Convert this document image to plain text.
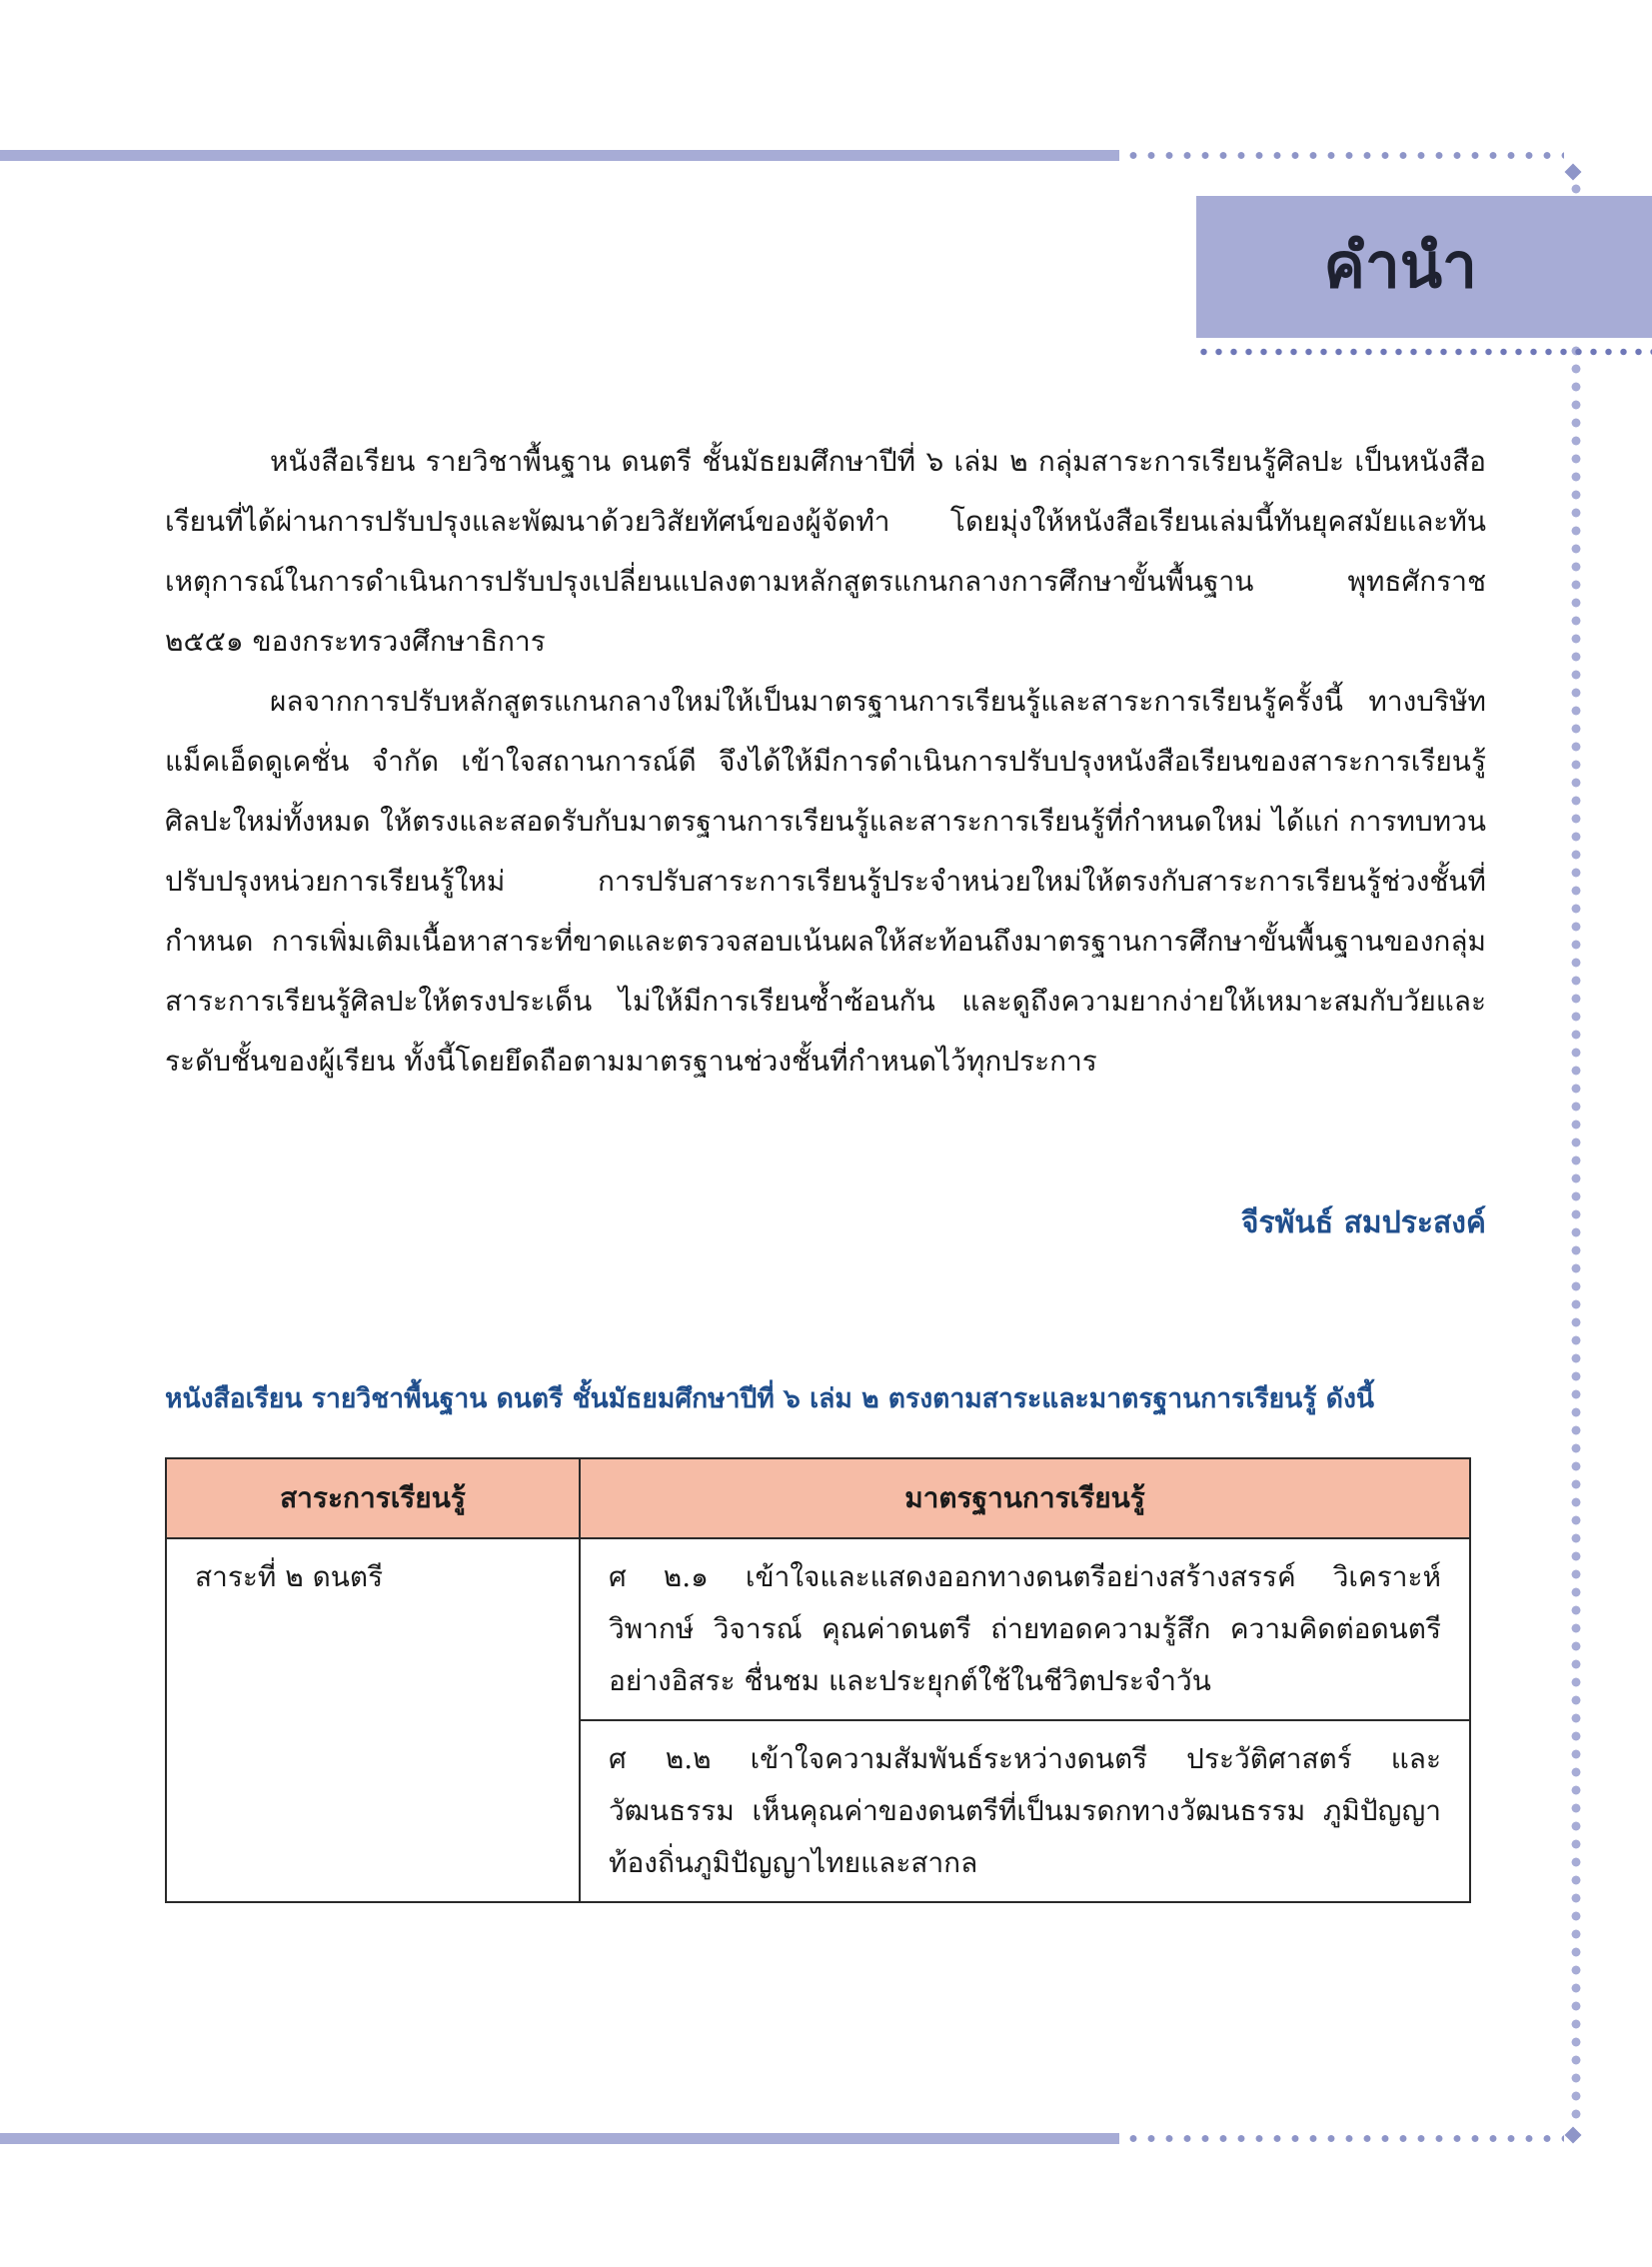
คำนำ

หนังสือเรียน รายวิชาพื้นฐาน ดนตรี ชั้นมัธยมศึกษาปีที่ ๖ เล่ม ๒ กลุ่มสาระการเรียนรู้ศิลปะ เป็นหนังสือเรียนที่ได้ผ่านการปรับปรุงและพัฒนาด้วยวิสัยทัศน์ของผู้จัดทำ โดยมุ่งให้หนังสือเรียนเล่มนี้ทันยุคสมัยและทันเหตุการณ์ในการดำเนินการปรับปรุงเปลี่ยนแปลงตามหลักสูตรแกนกลางการศึกษาขั้นพื้นฐาน พุทธศักราช ๒๕๕๑ ของกระทรวงศึกษาธิการ

ผลจากการปรับหลักสูตรแกนกลางใหม่ให้เป็นมาตรฐานการเรียนรู้และสาระการเรียนรู้ครั้งนี้ ทางบริษัท แม็คเอ็ดดูเคชั่น จำกัด เข้าใจสถานการณ์ดี จึงได้ให้มีการดำเนินการปรับปรุงหนังสือเรียนของสาระการเรียนรู้ศิลปะใหม่ทั้งหมด ให้ตรงและสอดรับกับมาตรฐานการเรียนรู้และสาระการเรียนรู้ที่กำหนดใหม่ ได้แก่ การทบทวนปรับปรุงหน่วยการเรียนรู้ใหม่ การปรับสาระการเรียนรู้ประจำหน่วยใหม่ให้ตรงกับสาระการเรียนรู้ช่วงชั้นที่กำหนด การเพิ่มเติมเนื้อหาสาระที่ขาดและตรวจสอบเน้นผลให้สะท้อนถึงมาตรฐานการศึกษาขั้นพื้นฐานของกลุ่มสาระการเรียนรู้ศิลปะให้ตรงประเด็น ไม่ให้มีการเรียนซ้ำซ้อนกัน และดูถึงความยากง่ายให้เหมาะสมกับวัยและระดับชั้นของผู้เรียน ทั้งนี้โดยยึดถือตามมาตรฐานช่วงชั้นที่กำหนดไว้ทุกประการ

จีรพันธ์ สมประสงค์
หนังสือเรียน รายวิชาพื้นฐาน ดนตรี ชั้นมัธยมศึกษาปีที่ ๖ เล่ม ๒ ตรงตามสาระและมาตรฐานการเรียนรู้ ดังนี้
สาระการเรียนรู้	มาตรฐานการเรียนรู้
สาระที่ ๒ ดนตรี	ศ ๒.๑ เข้าใจและแสดงออกทางดนตรีอย่างสร้างสรรค์ วิเคราะห์ วิพากษ์ วิจารณ์ คุณค่าดนตรี ถ่ายทอดความรู้สึก ความคิดต่อดนตรีอย่างอิสระ ชื่นชม และประยุกต์ใช้ในชีวิตประจำวัน
	ศ ๒.๒ เข้าใจความสัมพันธ์ระหว่างดนตรี ประวัติศาสตร์ และวัฒนธรรม เห็นคุณค่าของดนตรีที่เป็นมรดกทางวัฒนธรรม ภูมิปัญญาท้องถิ่นภูมิปัญญาไทยและสากล
